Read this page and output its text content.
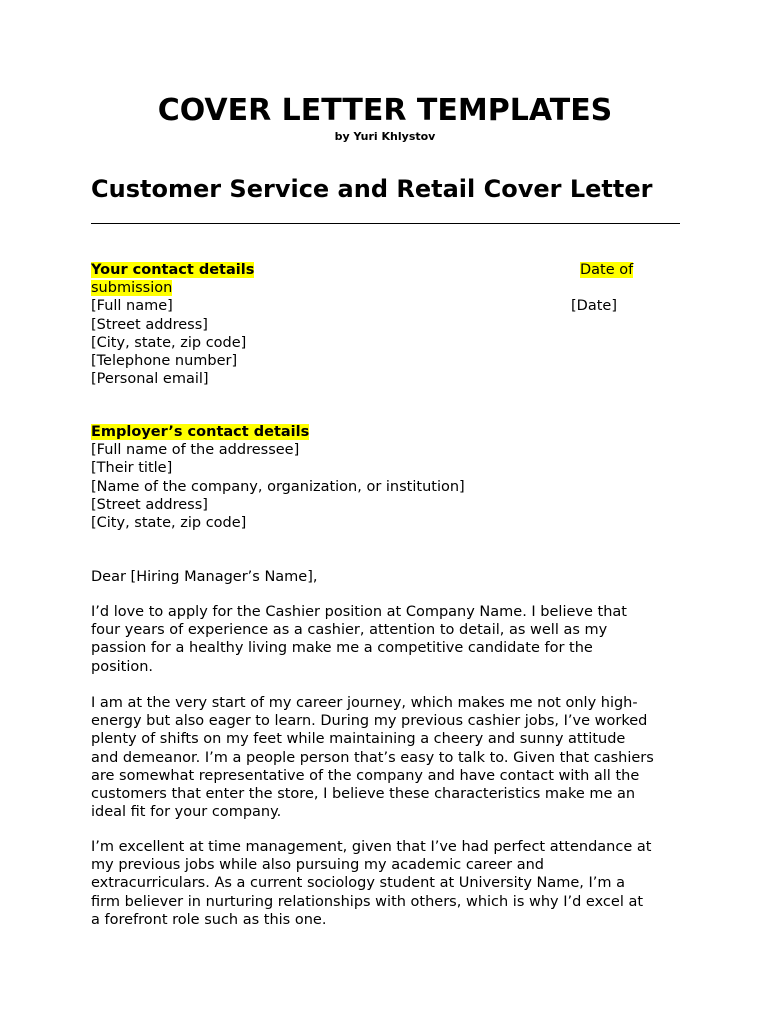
COVER LETTER TEMPLATES
by Yuri Khlystov
Customer Service and Retail Cover Letter
Your contact details
submission
[Full name]
[Street address]
[City, state, zip code]
[Telephone number]
[Personal email]
Date of
[Date]
Employer’s contact details
[Full name of the addressee]
[Their title]
[Name of the company, organization, or institution]
[Street address]
[City, state, zip code]

Dear [Hiring Manager’s Name],

I’d love to apply for the Cashier position at Company Name. I believe that
four years of experience as a cashier, attention to detail, as well as my
passion for a healthy living make me a competitive candidate for the
position.

I am at the very start of my career journey, which makes me not only high-
energy but also eager to learn. During my previous cashier jobs, I’ve worked
plenty of shifts on my feet while maintaining a cheery and sunny attitude
and demeanor. I’m a people person that’s easy to talk to. Given that cashiers
are somewhat representative of the company and have contact with all the
customers that enter the store, I believe these characteristics make me an
ideal fit for your company.

I’m excellent at time management, given that I’ve had perfect attendance at
my previous jobs while also pursuing my academic career and
extracurriculars. As a current sociology student at University Name, I’m a
firm believer in nurturing relationships with others, which is why I’d excel at
a forefront role such as this one.
